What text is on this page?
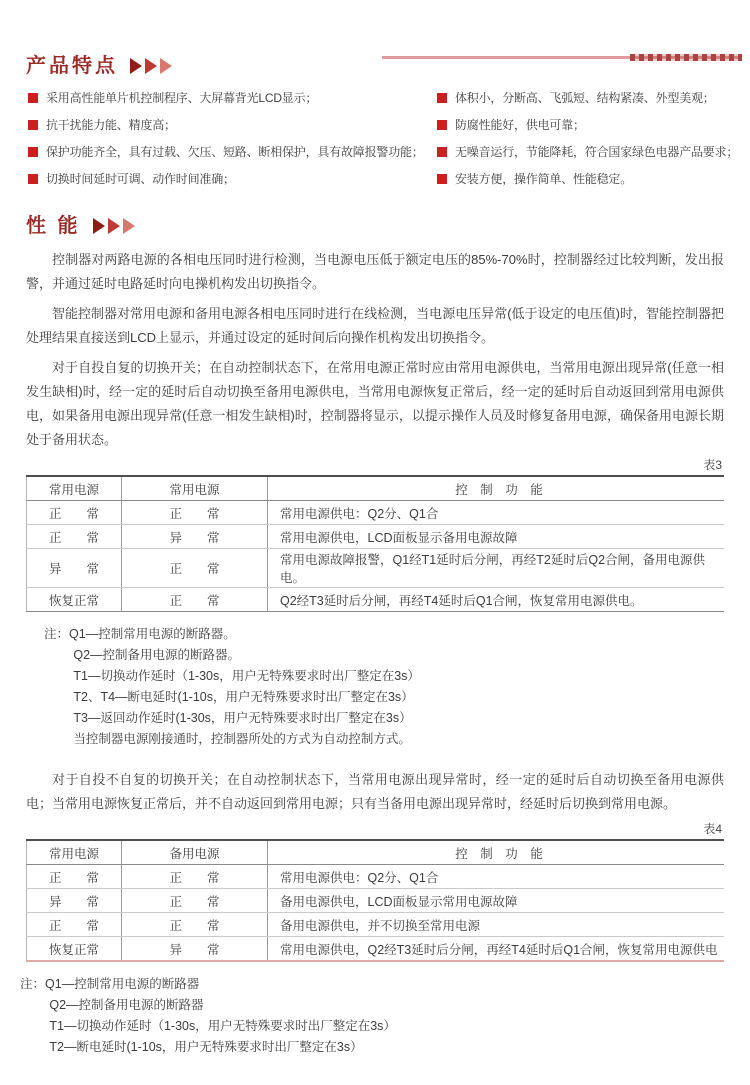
产品特点
采用高性能单片机控制程序、大屏幕背光LCD显示；
抗干扰能力能、精度高；
保护功能齐全，具有过载、欠压、短路、断相保护，具有故障报警功能；
切换时间延时可调、动作时间准确；
体积小，分断高、飞弧短、结构紧凑、外型美观；
防腐性能好，供电可靠；
无噪音运行，节能降耗，符合国家绿色电器产品要求；
安装方便，操作简单、性能稳定。
性 能

控制器对两路电源的各相电压同时进行检测，当电源电压低于额定电压的85%-70%时，控制器经过比较判断，发出报警，并通过延时电路延时向电操机构发出切换指令。

智能控制器对常用电源和备用电源各相电压同时进行在线检测，当电源电压异常(低于设定的电压值)时，智能控制器把处理结果直接送到LCD上显示，并通过设定的延时间后向操作机构发出切换指令。

对于自投自复的切换开关；在自动控制状态下，在常用电源正常时应由常用电源供电，当常用电源出现异常(任意一相发生缺相)时，经一定的延时后自动切换至备用电源供电，当常用电源恢复正常后，经一定的延时后自动返回到常用电源供电，如果备用电源出现异常(任意一相发生缺相)时，控制器将显示，以提示操作人员及时修复备用电源，确保备用电源长期处于备用状态。

表3
常用电源	常用电源	控　制　功　能
正　　常	正　　常	常用电源供电：Q2分、Q1合
正　　常	异　　常	常用电源供电，LCD面板显示备用电源故障
异　　常	正　　常	常用电源故障报警，Q1经T1延时后分闸，再经T2延时后Q2合闸，备用电源供电。
恢复正常	正　　常	Q2经T3延时后分闸，再经T4延时后Q1合闸，恢复常用电源供电。
注： Q1—控制常用电源的断路器。
Q2—控制备用电源的断路器。
T1—切换动作延时（1-30s，用户无特殊要求时出厂整定在3s）
T2、T4—断电延时(1-10s，用户无特殊要求时出厂整定在3s）
T3—返回动作延时(1-30s，用户无特殊要求时出厂整定在3s）
当控制器电源刚接通时，控制器所处的方式为自动控制方式。

对于自投不自复的切换开关；在自动控制状态下，当常用电源出现异常时，经一定的延时后自动切换至备用电源供电；当常用电源恢复正常后，并不自动返回到常用电源；只有当备用电源出现异常时，经延时后切换到常用电源。

表4
常用电源	备用电源	控　制　功　能
正　　常	正　　常	常用电源供电：Q2分、Q1合
异　　常	正　　常	备用电源供电，LCD面板显示常用电源故障
正　　常	正　　常	备用电源供电，并不切换至常用电源
恢复正常	异　　常	常用电源供电，Q2经T3延时后分闸，再经T4延时后Q1合闸，恢复常用电源供电
注： Q1—控制常用电源的断路器
Q2—控制备用电源的断路器
T1—切换动作延时（1-30s，用户无特殊要求时出厂整定在3s）
T2—断电延时(1-10s，用户无特殊要求时出厂整定在3s）
